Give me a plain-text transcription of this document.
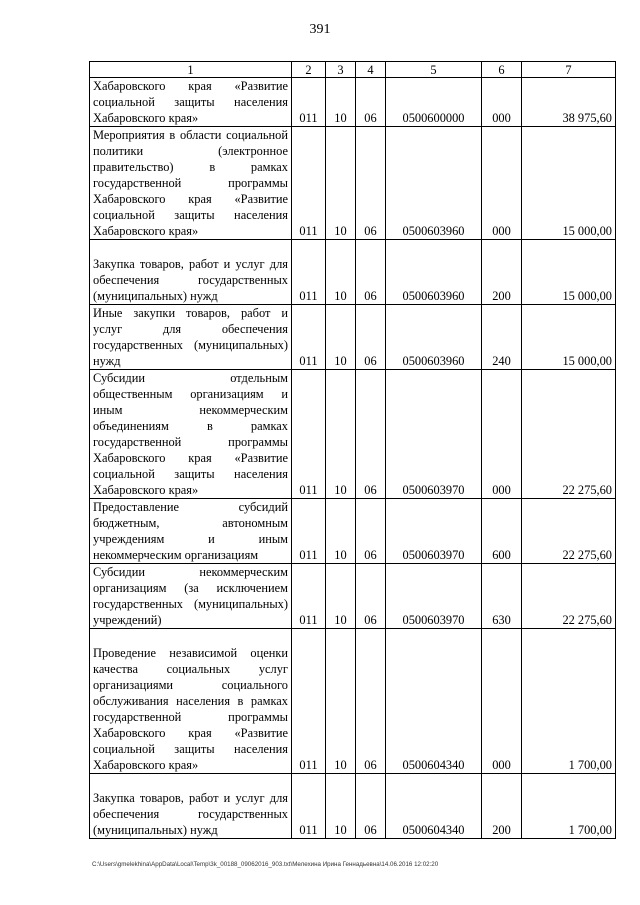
391
1	2	3	4	5	6	7
Хабаровского края «Развитие социальной защиты населения Хабаровского края»	011	10	06	0500600000	000	38 975,60
Мероприятия в области социальной политики (электронное правительство) в рамках государственной программы Хабаровского края «Развитие социальной защиты населения Хабаровского края»	011	10	06	0500603960	000	15 000,00
Закупка товаров, работ и услуг для обеспечения государственных (муниципальных) нужд	011	10	06	0500603960	200	15 000,00
Иные закупки товаров, работ и услуг для обеспечения государственных (муниципальных) нужд	011	10	06	0500603960	240	15 000,00
Субсидии отдельным общественным организациям и иным некоммерческим объединениям в рамках государственной программы Хабаровского края «Развитие социальной защиты населения Хабаровского края»	011	10	06	0500603970	000	22 275,60
Предоставление субсидий бюджетным, автономным учреждениям и иным некоммерческим организациям	011	10	06	0500603970	600	22 275,60
Субсидии некоммерческим организациям (за исключением государственных (муниципальных) учреждений)	011	10	06	0500603970	630	22 275,60
Проведение независимой оценки качества социальных услуг организациями социального обслуживания населения в рамках государственной программы Хабаровского края «Развитие социальной защиты населения Хабаровского края»	011	10	06	0500604340	000	1 700,00
Закупка товаров, работ и услуг для обеспечения государственных (муниципальных) нужд	011	10	06	0500604340	200	1 700,00
C:\Users\gmelekhina\AppData\Local\Temp\3k_00188_09062016_903.txt\Мелехина Ирина Геннадьевна\14.06.2016 12:02:20
